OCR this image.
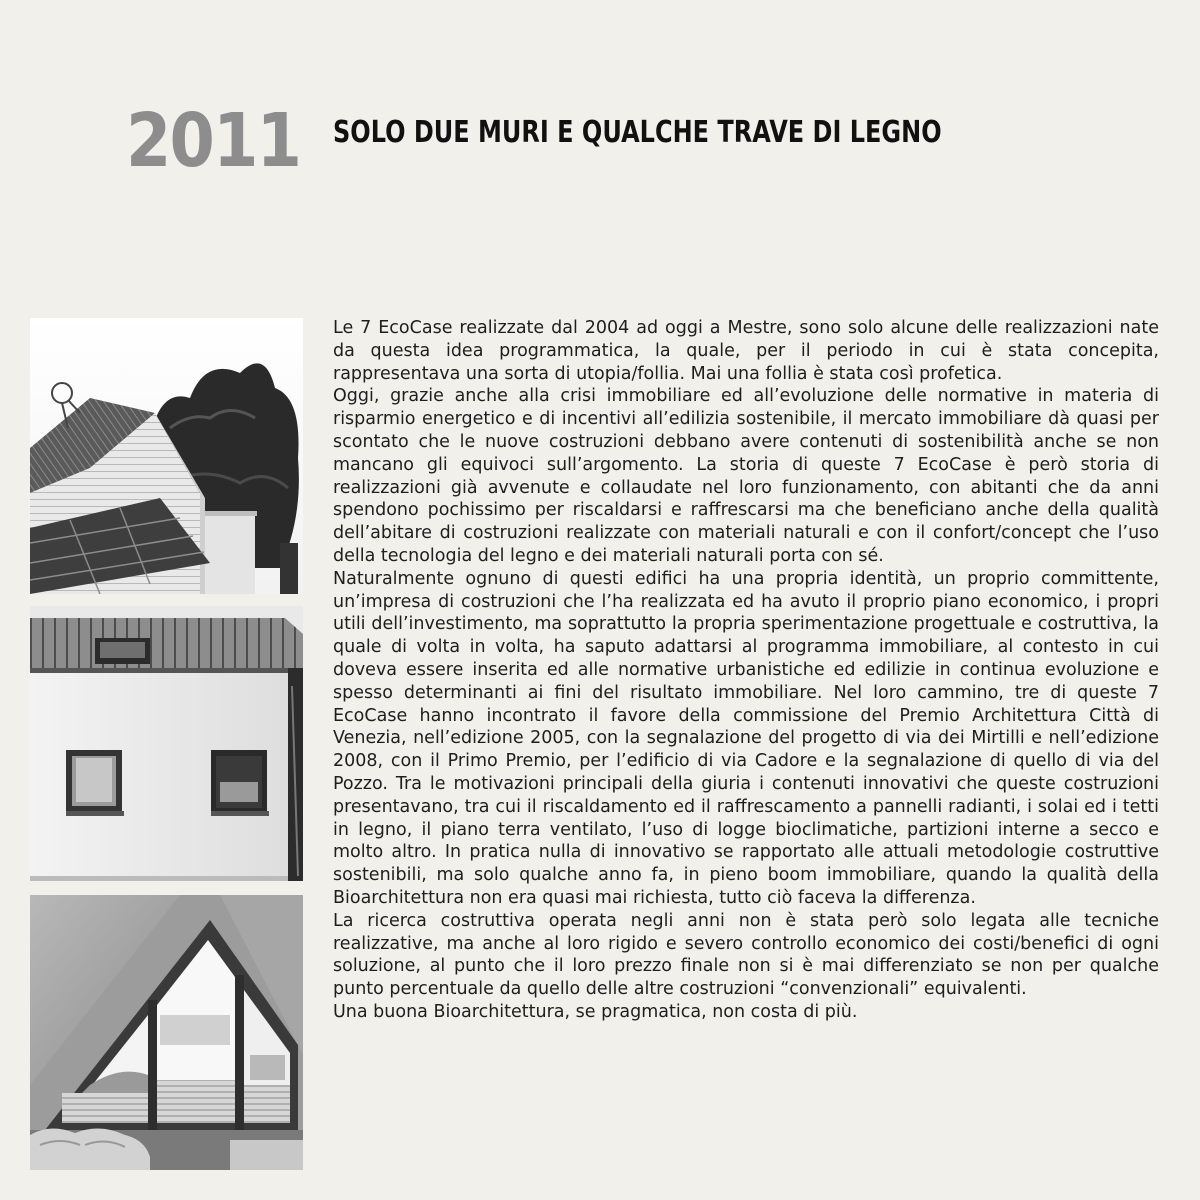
2011 SOLO DUE MURI E QUALCHE TRAVE DI LEGNO

Le 7 EcoCase realizzate dal 2004 ad oggi a Mestre, sono solo alcune delle realizzazioni nate da questa idea programmatica, la quale, per il periodo in cui è stata concepita, rappresentava una sorta di utopia/follia. Mai una follia è stata così profetica.

Oggi, grazie anche alla crisi immobiliare ed all’evoluzione delle normative in materia di risparmio energetico e di incentivi all’edilizia sostenibile, il mercato immobiliare dà quasi per scontato che le nuove costruzioni debbano avere contenuti di sostenibilità anche se non mancano gli equivoci sull’argomento. La storia di queste 7 EcoCase è però storia di realizzazioni già avvenute e collaudate nel loro funzionamento, con abitanti che da anni spendono pochissimo per riscaldarsi e raffrescarsi ma che beneficiano anche della qualità dell’abitare di costruzioni realizzate con materiali naturali e con il confort/concept che l’uso della tecnologia del legno e dei materiali naturali porta con sé.

Naturalmente ognuno di questi edifici ha una propria identità, un proprio committente, un’impresa di costruzioni che l’ha realizzata ed ha avuto il proprio piano economico, i propri utili dell’investimento, ma soprattutto la propria sperimentazione progettuale e costruttiva, la quale di volta in volta, ha saputo adattarsi al programma immobiliare, al contesto in cui doveva essere inserita ed alle normative urbanistiche ed edilizie in continua evoluzione e spesso determinanti ai fini del risultato immobiliare. Nel loro cammino, tre di queste 7 EcoCase hanno incontrato il favore della commissione del Premio Architettura Città di Venezia, nell’edizione 2005, con la segnalazione del progetto di via dei Mirtilli e nell’edizione 2008, con il Primo Premio, per l’edificio di via Cadore e la segnalazione di quello di via del Pozzo. Tra le motivazioni principali della giuria i contenuti innovativi che queste costruzioni presentavano, tra cui il riscaldamento ed il raffrescamento a pannelli radianti, i solai ed i tetti in legno, il piano terra ventilato, l’uso di logge bioclimatiche, partizioni interne a secco e molto altro. In pratica nulla di innovativo se rapportato alle attuali metodologie costruttive sostenibili, ma solo qualche anno fa, in pieno boom immobiliare, quando la qualità della Bioarchitettura non era quasi mai richiesta, tutto ciò faceva la differenza.

La ricerca costruttiva operata negli anni non è stata però solo legata alle tecniche realizzative, ma anche al loro rigido e severo controllo economico dei costi/benefici di ogni soluzione, al punto che il loro prezzo finale non si è mai differenziato se non per qualche punto percentuale da quello delle altre costruzioni “convenzionali” equivalenti.

Una buona Bioarchitettura, se pragmatica, non costa di più.
